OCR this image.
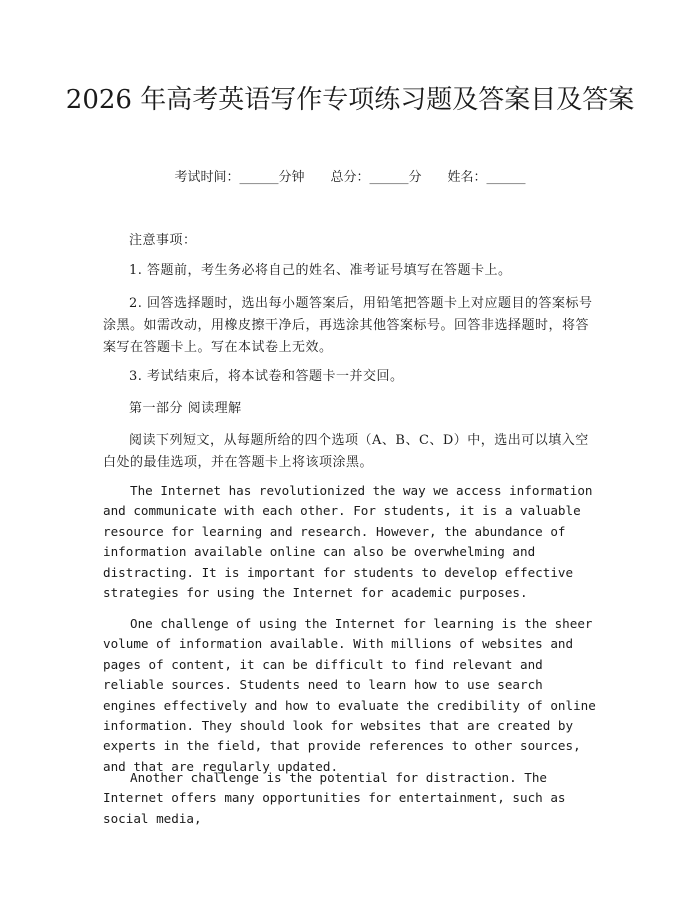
2026 年高考英语写作专项练习题及答案目及答案
考试时间：______分钟 总分：______分 姓名：______

注意事项：

1. 答题前，考生务必将自己的姓名、准考证号填写在答题卡上。

2. 回答选择题时，选出每小题答案后，用铅笔把答题卡上对应题目的答案标号涂黑。如需改动，用橡皮擦干净后，再选涂其他答案标号。回答非选择题时，将答案写在答题卡上。写在本试卷上无效。

3. 考试结束后，将本试卷和答题卡一并交回。

第一部分 阅读理解

阅读下列短文，从每题所给的四个选项（A、B、C、D）中，选出可以填入空白处的最佳选项，并在答题卡上将该项涂黑。

The Internet has revolutionized the way we access information and communicate with each other. For students, it is a valuable resource for learning and research. However, the abundance of information available online can also be overwhelming and distracting. It is important for students to develop effective strategies for using the Internet for academic purposes.

One challenge of using the Internet for learning is the sheer volume of information available. With millions of websites and pages of content, it can be difficult to find relevant and reliable sources. Students need to learn how to use search engines effectively and how to evaluate the credibility of online information. They should look for websites that are created by experts in the field, that provide references to other sources, and that are regularly updated.

Another challenge is the potential for distraction. The Internet offers many opportunities for entertainment, such as social media,
